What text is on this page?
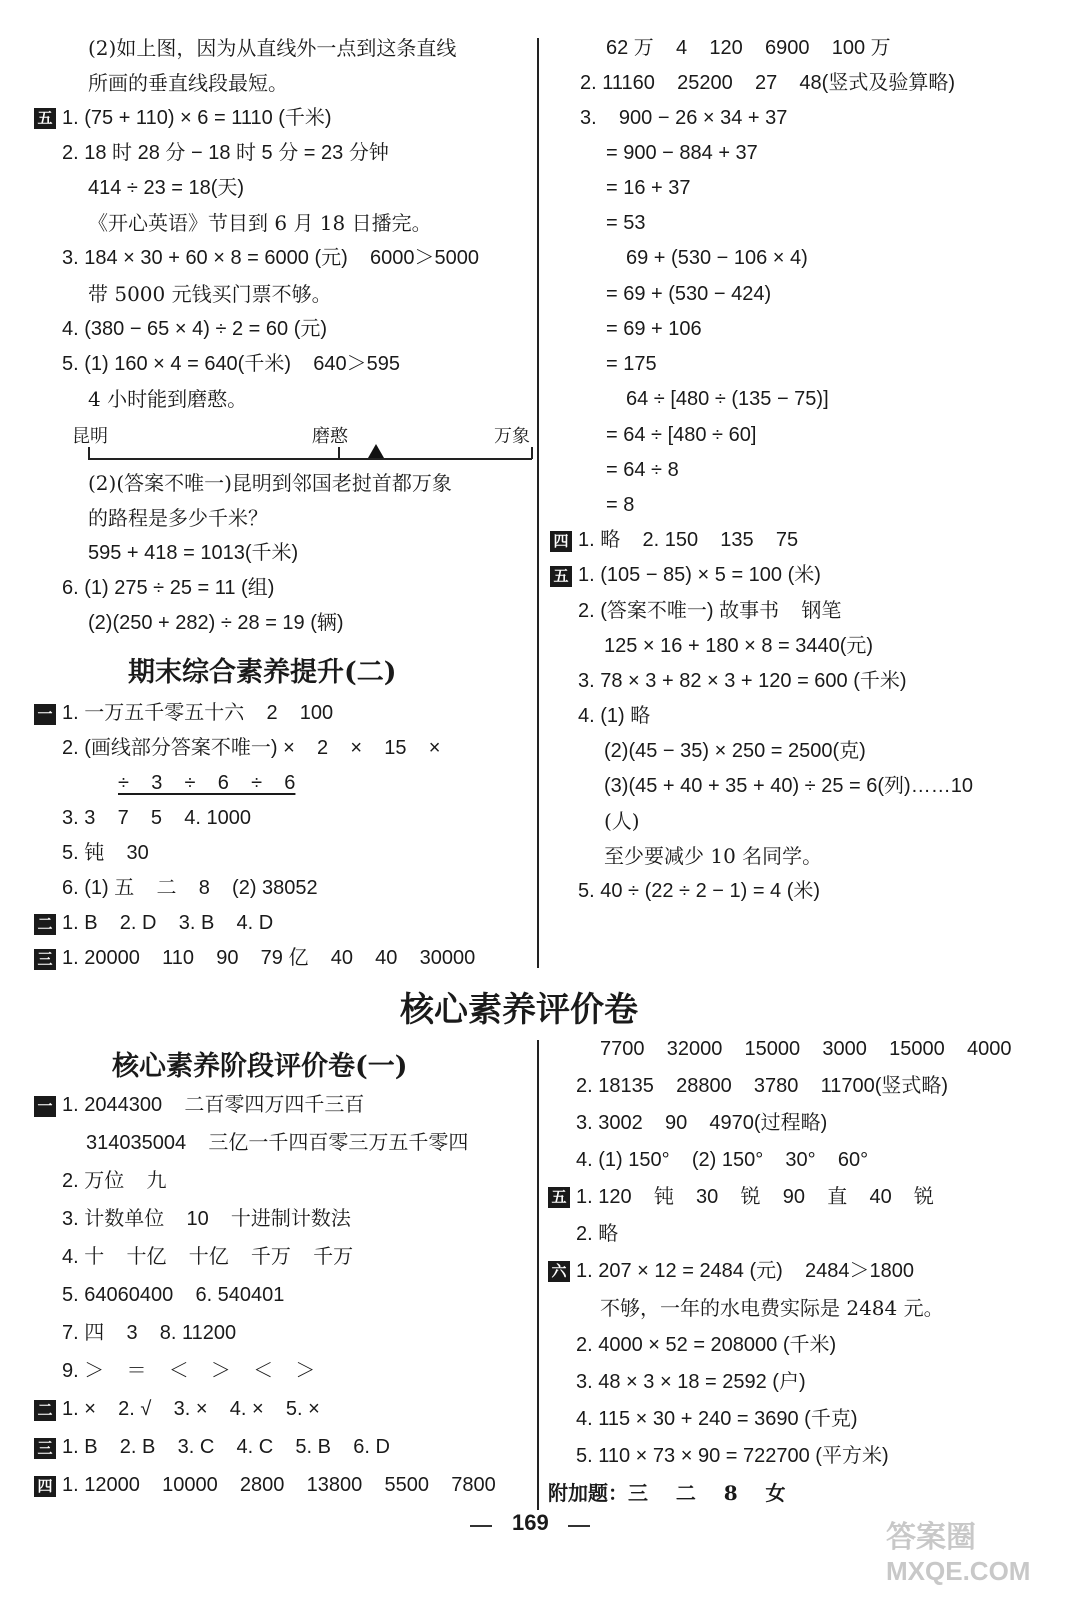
(2)如上图，因为从直线外一点到这条直线
所画的垂直线段最短。
五 1. (75 + 110) × 6 = 1110 (千米)
2. 18 时 28 分 − 18 时 5 分 = 23 分钟
414 ÷ 23 = 18(天)
《开心英语》节目到 6 月 18 日播完。
3. 184 × 30 + 60 × 8 = 6000 (元)    6000＞5000
带 5000 元钱买门票不够。
4. (380 − 65 × 4) ÷ 2 = 60 (元)
5. (1) 160 × 4 = 640(千米)    640＞595
4 小时能到磨憨。
昆明	磨憨	万象
(2)(答案不唯一)昆明到邻国老挝首都万象
的路程是多少千米？
595 + 418 = 1013(千米)
6. (1) 275 ÷ 25 = 11 (组)
(2)(250 + 282) ÷ 28 = 19 (辆)
期末综合素养提升(二)
一 1. 一万五千零五十六    2    100
2. (画线部分答案不唯一) ×    2    ×    15    ×
÷    3    ÷    6    ÷    6
3. 3    7    5    4. 1000
5. 钝    30
6. (1) 五    二    8    (2) 38052
二 1. B    2. D    3. B    4. D
三 1. 20000    110    90    79 亿    40    40    30000
62 万    4    120    6900    100 万
2. 11160    25200    27    48(竖式及验算略)
3.    900 − 26 × 34 + 37
= 900 − 884 + 37
= 16 + 37
= 53
69 + (530 − 106 × 4)
= 69 + (530 − 424)
= 69 + 106
= 175
64 ÷ [480 ÷ (135 − 75)]
= 64 ÷ [480 ÷ 60]
= 64 ÷ 8
= 8
四 1. 略    2. 150    135    75
五 1. (105 − 85) × 5 = 100 (米)
2. (答案不唯一) 故事书    钢笔
125 × 16 + 180 × 8 = 3440(元)
3. 78 × 3 + 82 × 3 + 120 = 600 (千米)
4. (1) 略
(2)(45 − 35) × 250 = 2500(克)
(3)(45 + 40 + 35 + 40) ÷ 25 = 6(列)……10
(人)
至少要减少 10 名同学。
5. 40 ÷ (22 ÷ 2 − 1) = 4 (米)
核心素养评价卷
核心素养阶段评价卷(一)
一 1. 2044300    二百零四万四千三百
314035004    三亿一千四百零三万五千零四
2. 万位    九
3. 计数单位    10    十进制计数法
4. 十    十亿    十亿    千万    千万
5. 64060400    6. 540401
7. 四    3    8. 11200
9. ＞    ＝    ＜    ＞    ＜    ＞
二 1. ×    2. √    3. ×    4. ×    5. ×
三 1. B    2. B    3. C    4. C    5. B    6. D
四 1. 12000    10000    2800    13800    5500    7800
7700    32000    15000    3000    15000    4000
2. 18135    28800    3780    11700(竖式略)
3. 3002    90    4970(过程略)
4. (1) 150°    (2) 150°    30°    60°
五 1. 120    钝    30    锐    90    直    40    锐
2. 略
六 1. 207 × 12 = 2484 (元)    2484＞1800
不够，一年的水电费实际是 2484 元。
2. 4000 × 52 = 208000 (千米)
3. 48 × 3 × 18 = 2592 (户)
4. 115 × 30 + 240 = 3690 (千克)
5. 110 × 73 × 90 = 722700 (平方米)
附加题：三    二    8    女
169	答案圈
MXQE.COM
